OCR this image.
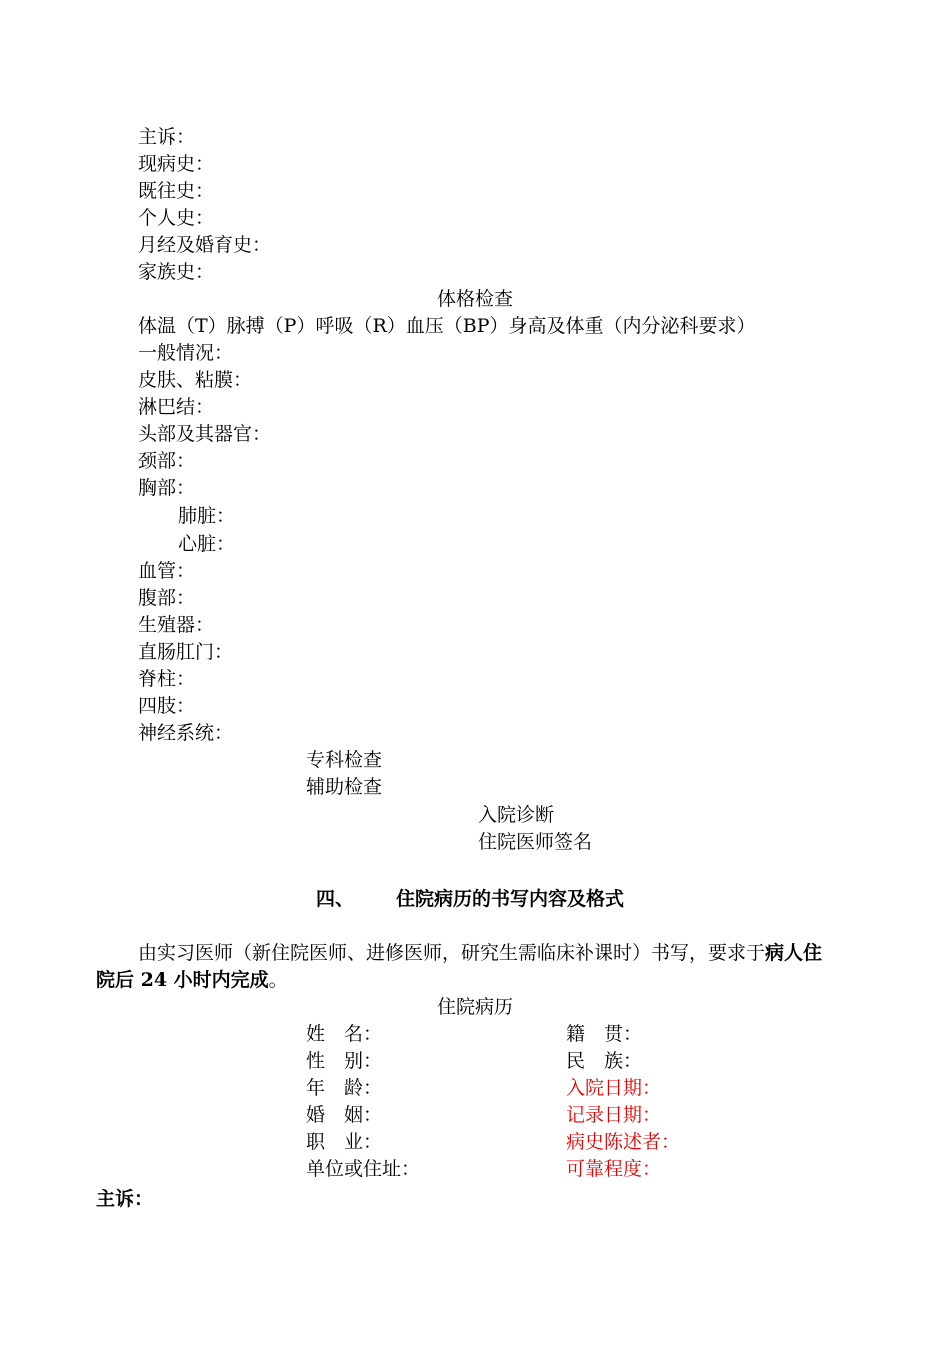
主诉：
现病史：
既往史：
个人史：
月经及婚育史：
家族史：
体格检查
体温（T）脉搏（P）呼吸（R）血压（BP）身高及体重（内分泌科要求）
一般情况：
皮肤、粘膜：
淋巴结：
头部及其器官：
颈部：
胸部：
肺脏：
心脏：
血管：
腹部：
生殖器：
直肠肛门：
脊柱：
四肢：
神经系统：
专科检查
辅助检查
入院诊断
住院医师签名
四、 住院病历的书写内容及格式
由实习医师（新住院医师、进修医师，研究生需临床补课时）书写，要求于病人住
院后 24 小时内完成。
住院病历
姓　名：
性　别：
年　龄：
婚　姻：
职　业：
单位或住址：
籍　贯：
民　族：
入院日期：
记录日期：
病史陈述者：
可靠程度：
主诉：
